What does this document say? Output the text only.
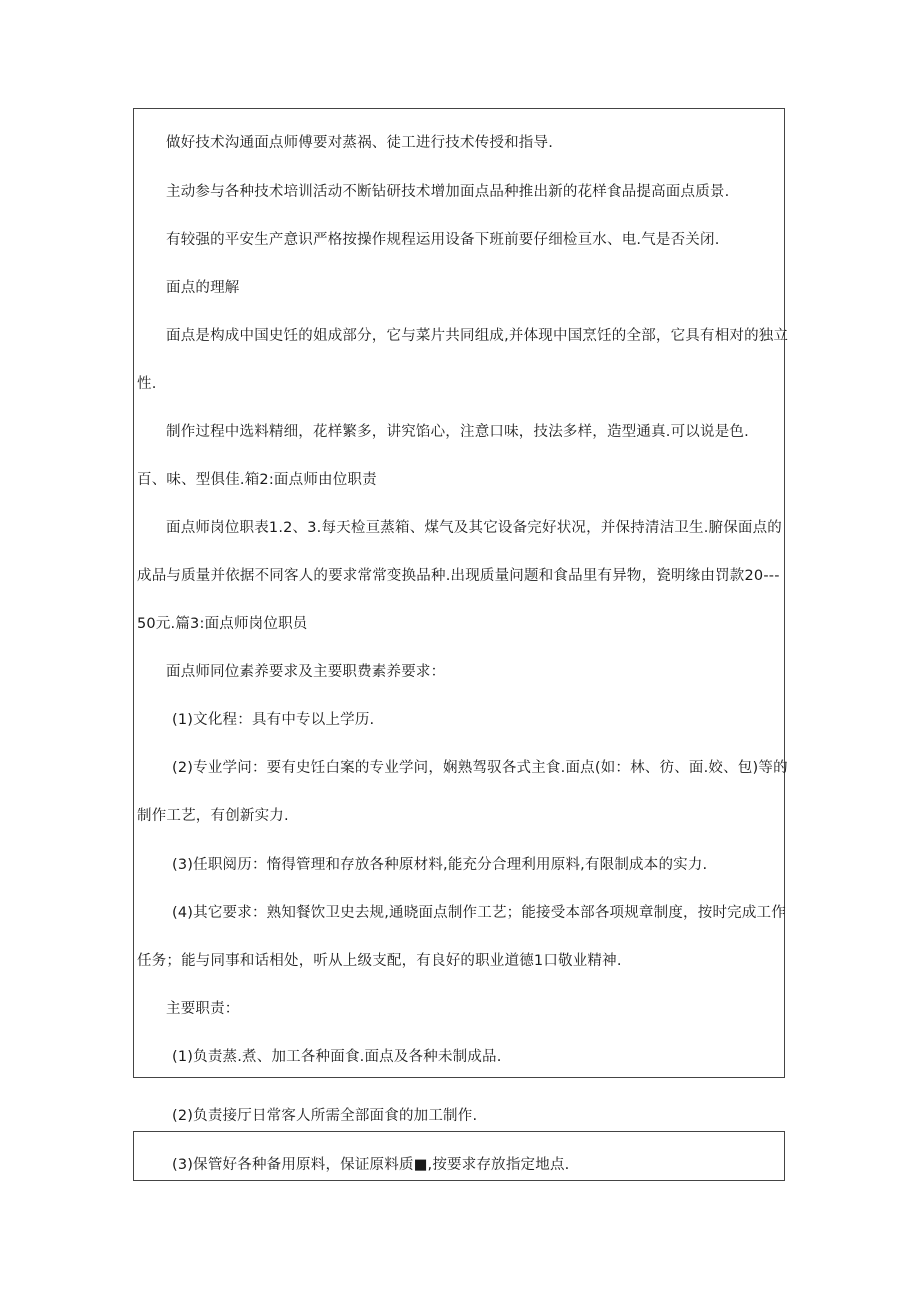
做好技术沟通面点师傅要对蒸祸、徒工进行技术传授和指导.
主动参与各种技术培训活动不断钻研技术增加面点品种推出新的花样食品提高面点质景.
有较强的平安生产意识严格按操作规程运用设备下班前要仔细检亘水、电.气是否关闭.
面点的理解
面点是构成中国史饪的姐成部分，它与菜片共同组成,并体现中国烹饪的全部，它具有相对的独立
性.
制作过程中选料精细，花样繁多，讲究馅心，注意口味，技法多样，造型通真.可以说是色.
百、味、型俱佳.箱2:面点师由位职责
面点师岗位职表1.2、3.每天检亘蒸箱、煤气及其它设备完好状况，并保持清洁卫生.腑保面点的
成品与质量并依据不同客人的要求常常变换品种.出现质量问题和食品里有异物，瓷明缘由罚款20---
50元.篇3:面点师岗位职员
面点师同位素养要求及主要职费素养要求：
(1)文化程：具有中专以上学历.
(2)专业学问：要有史饪白案的专业学问，娴熟驾驭各式主食.面点(如：林、彷、面.姣、包)等的
制作工艺，有创新实力.
(3)任职阅历：惰得管理和存放各种原材料,能充分合理利用原料,有限制成本的实力.
(4)其它要求：熟知餐饮卫史去规,通晓面点制作工艺；能接受本部各项规章制度，按时完成工作
任务；能与同事和话相处，听从上级支配，有良好的职业道德1口敬业精神.
主要职责：
(1)负责蒸.煮、加工各种面食.面点及各种未制成品.
(2)负责接厅日常客人所需全部面食的加工制作.
(3)保管好各种备用原料，保证原料质■,按要求存放指定地点.
